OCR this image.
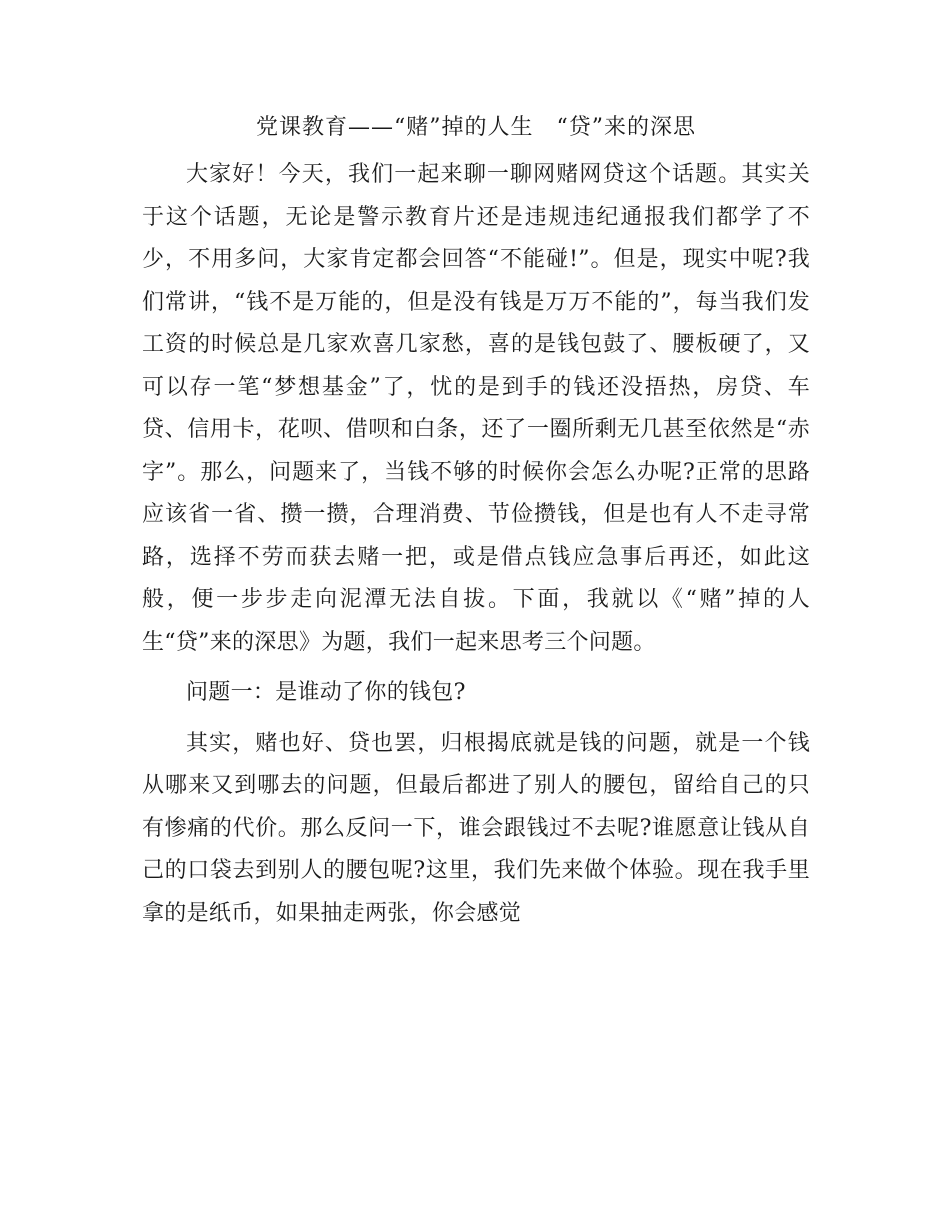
党课教育——“赌”掉的人生　“贷”来的深思

大家好！今天，我们一起来聊一聊网赌网贷这个话题。其实关于这个话题，无论是警示教育片还是违规违纪通报我们都学了不少，不用多问，大家肯定都会回答“不能碰!”。但是，现实中呢?我们常讲，“钱不是万能的，但是没有钱是万万不能的”，每当我们发工资的时候总是几家欢喜几家愁，喜的是钱包鼓了、腰板硬了，又可以存一笔“梦想基金”了，忧的是到手的钱还没捂热，房贷、车贷、信用卡，花呗、借呗和白条，还了一圈所剩无几甚至依然是“赤字”。那么，问题来了，当钱不够的时候你会怎么办呢?正常的思路应该省一省、攒一攒，合理消费、节俭攒钱，但是也有人不走寻常路，选择不劳而获去赌一把，或是借点钱应急事后再还，如此这般，便一步步走向泥潭无法自拔。下面，我就以《“赌”掉的人生“贷”来的深思》为题，我们一起来思考三个问题。

问题一：是谁动了你的钱包?

其实，赌也好、贷也罢，归根揭底就是钱的问题，就是一个钱从哪来又到哪去的问题，但最后都进了别人的腰包，留给自己的只有惨痛的代价。那么反问一下，谁会跟钱过不去呢?谁愿意让钱从自己的口袋去到别人的腰包呢?这里，我们先来做个体验。现在我手里拿的是纸币，如果抽走两张，你会感觉
